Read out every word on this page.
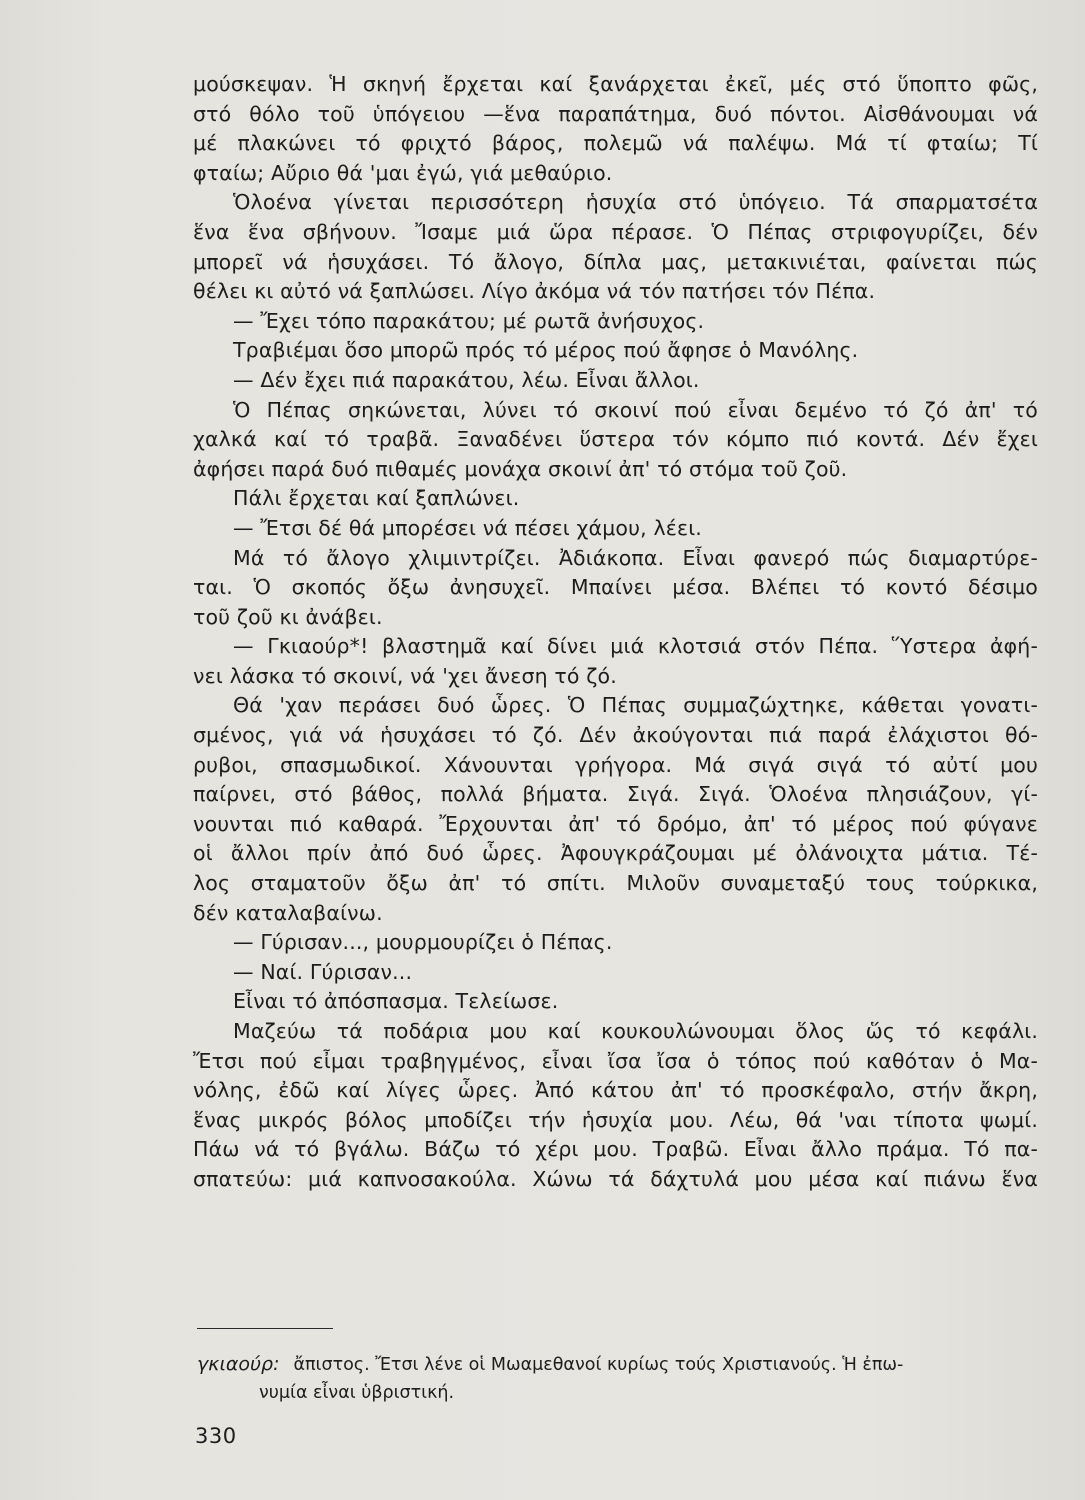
μούσκεψαν. Ἡ σκηνή ἔρχεται καί ξανάρχεται ἐκεῖ, μές στό ὕποπτο φῶς,
στό θόλο τοῦ ὑπόγειου —ἕνα παραπάτημα, δυό πόντοι. Αἰσθάνουμαι νά
μέ πλακώνει τό φριχτό βάρος, πολεμῶ νά παλέψω. Μά τί φταίω; Τί
φταίω; Αὔριο θά 'μαι ἐγώ, γιά μεθαύριο.
Ὁλοένα γίνεται περισσότερη ἡσυχία στό ὑπόγειο. Τά σπαρματσέτα
ἕνα ἕνα σβήνουν. Ἴσαμε μιά ὥρα πέρασε. Ὁ Πέπας στριφογυρίζει, δέν
μπορεῖ νά ἡσυχάσει. Τό ἄλογο, δίπλα μας, μετακινιέται, φαίνεται πώς
θέλει κι αὐτό νά ξαπλώσει. Λίγο ἀκόμα νά τόν πατήσει τόν Πέπα.
— Ἔχει τόπο παρακάτου; μέ ρωτᾶ ἀνήσυχος.
Τραβιέμαι ὅσο μπορῶ πρός τό μέρος πού ἄφησε ὁ Μανόλης.
— Δέν ἔχει πιά παρακάτου, λέω. Εἶναι ἄλλοι.
Ὁ Πέπας σηκώνεται, λύνει τό σκοινί πού εἶναι δεμένο τό ζό ἀπ' τό
χαλκά καί τό τραβᾶ. Ξαναδένει ὕστερα τόν κόμπο πιό κοντά. Δέν ἔχει
ἀφήσει παρά δυό πιθαμές μονάχα σκοινί ἀπ' τό στόμα τοῦ ζοῦ.
Πάλι ἔρχεται καί ξαπλώνει.
— Ἔτσι δέ θά μπορέσει νά πέσει χάμου, λέει.
Μά τό ἄλογο χλιμιντρίζει. Ἀδιάκοπα. Εἶναι φανερό πώς διαμαρτύρε-
ται. Ὁ σκοπός ὄξω ἀνησυχεῖ. Μπαίνει μέσα. Βλέπει τό κοντό δέσιμο
τοῦ ζοῦ κι ἀνάβει.
— Γκιαούρ*! βλαστημᾶ καί δίνει μιά κλοτσιά στόν Πέπα. Ὕστερα ἀφή-
νει λάσκα τό σκοινί, νά 'χει ἄνεση τό ζό.
Θά 'χαν περάσει δυό ὧρες. Ὁ Πέπας συμμαζώχτηκε, κάθεται γονατι-
σμένος, γιά νά ἡσυχάσει τό ζό. Δέν ἀκούγονται πιά παρά ἐλάχιστοι θό-
ρυβοι, σπασμωδικοί. Χάνουνται γρήγορα. Μά σιγά σιγά τό αὐτί μου
παίρνει, στό βάθος, πολλά βήματα. Σιγά. Σιγά. Ὁλοένα πλησιάζουν, γί-
νουνται πιό καθαρά. Ἔρχουνται ἀπ' τό δρόμο, ἀπ' τό μέρος πού φύγανε
οἱ ἄλλοι πρίν ἀπό δυό ὧρες. Ἀφουγκράζουμαι μέ ὀλάνοιχτα μάτια. Τέ-
λος σταματοῦν ὄξω ἀπ' τό σπίτι. Μιλοῦν συναμεταξύ τους τούρκικα,
δέν καταλαβαίνω.
— Γύρισαν..., μουρμουρίζει ὁ Πέπας.
— Ναί. Γύρισαν...
Εἶναι τό ἀπόσπασμα. Τελείωσε.
Μαζεύω τά ποδάρια μου καί κουκουλώνουμαι ὅλος ὥς τό κεφάλι.
Ἔτσι πού εἶμαι τραβηγμένος, εἶναι ἴσα ἴσα ὁ τόπος πού καθόταν ὁ Μα-
νόλης, ἐδῶ καί λίγες ὧρες. Ἀπό κάτου ἀπ' τό προσκέφαλο, στήν ἄκρη,
ἕνας μικρός βόλος μποδίζει τήν ἡσυχία μου. Λέω, θά 'ναι τίποτα ψωμί.
Πάω νά τό βγάλω. Βάζω τό χέρι μου. Τραβῶ. Εἶναι ἄλλο πράμα. Τό πα-
σπατεύω: μιά καπνοσακούλα. Χώνω τά δάχτυλά μου μέσα καί πιάνω ἕνα
γκιαούρ: ἄπιστος. Ἔτσι λένε οἱ Μωαμεθανοί κυρίως τούς Χριστιανούς. Ἡ ἐπω-
νυμία εἶναι ὑβριστική.
330
